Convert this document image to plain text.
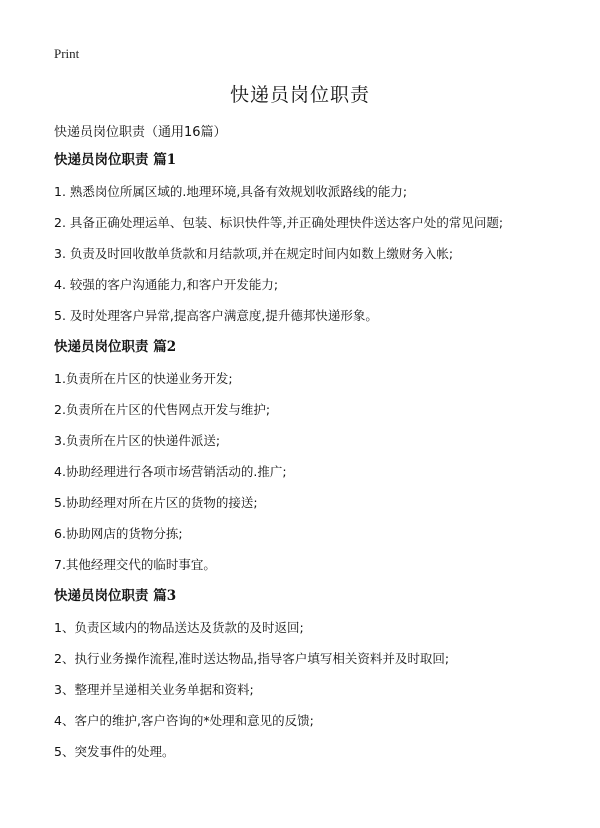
Print
快递员岗位职责
快递员岗位职责（通用16篇）
快递员岗位职责 篇1
1. 熟悉岗位所属区域的.地理环境,具备有效规划收派路线的能力;
2. 具备正确处理运单、包装、标识快件等,并正确处理快件送达客户处的常见问题;
3. 负责及时回收散单货款和月结款项,并在规定时间内如数上缴财务入帐;
4. 较强的客户沟通能力,和客户开发能力;
5. 及时处理客户异常,提高客户满意度,提升德邦快递形象。
快递员岗位职责 篇2
1.负责所在片区的快递业务开发;
2.负责所在片区的代售网点开发与维护;
3.负责所在片区的快递件派送;
4.协助经理进行各项市场营销活动的.推广;
5.协助经理对所在片区的货物的接送;
6.协助网店的货物分拣;
7.其他经理交代的临时事宜。
快递员岗位职责 篇3
1、负责区域内的物品送达及货款的及时返回;
2、执行业务操作流程,准时送达物品,指导客户填写相关资料并及时取回;
3、整理并呈递相关业务单据和资料;
4、客户的维护,客户咨询的*处理和意见的反馈;
5、突发事件的处理。
